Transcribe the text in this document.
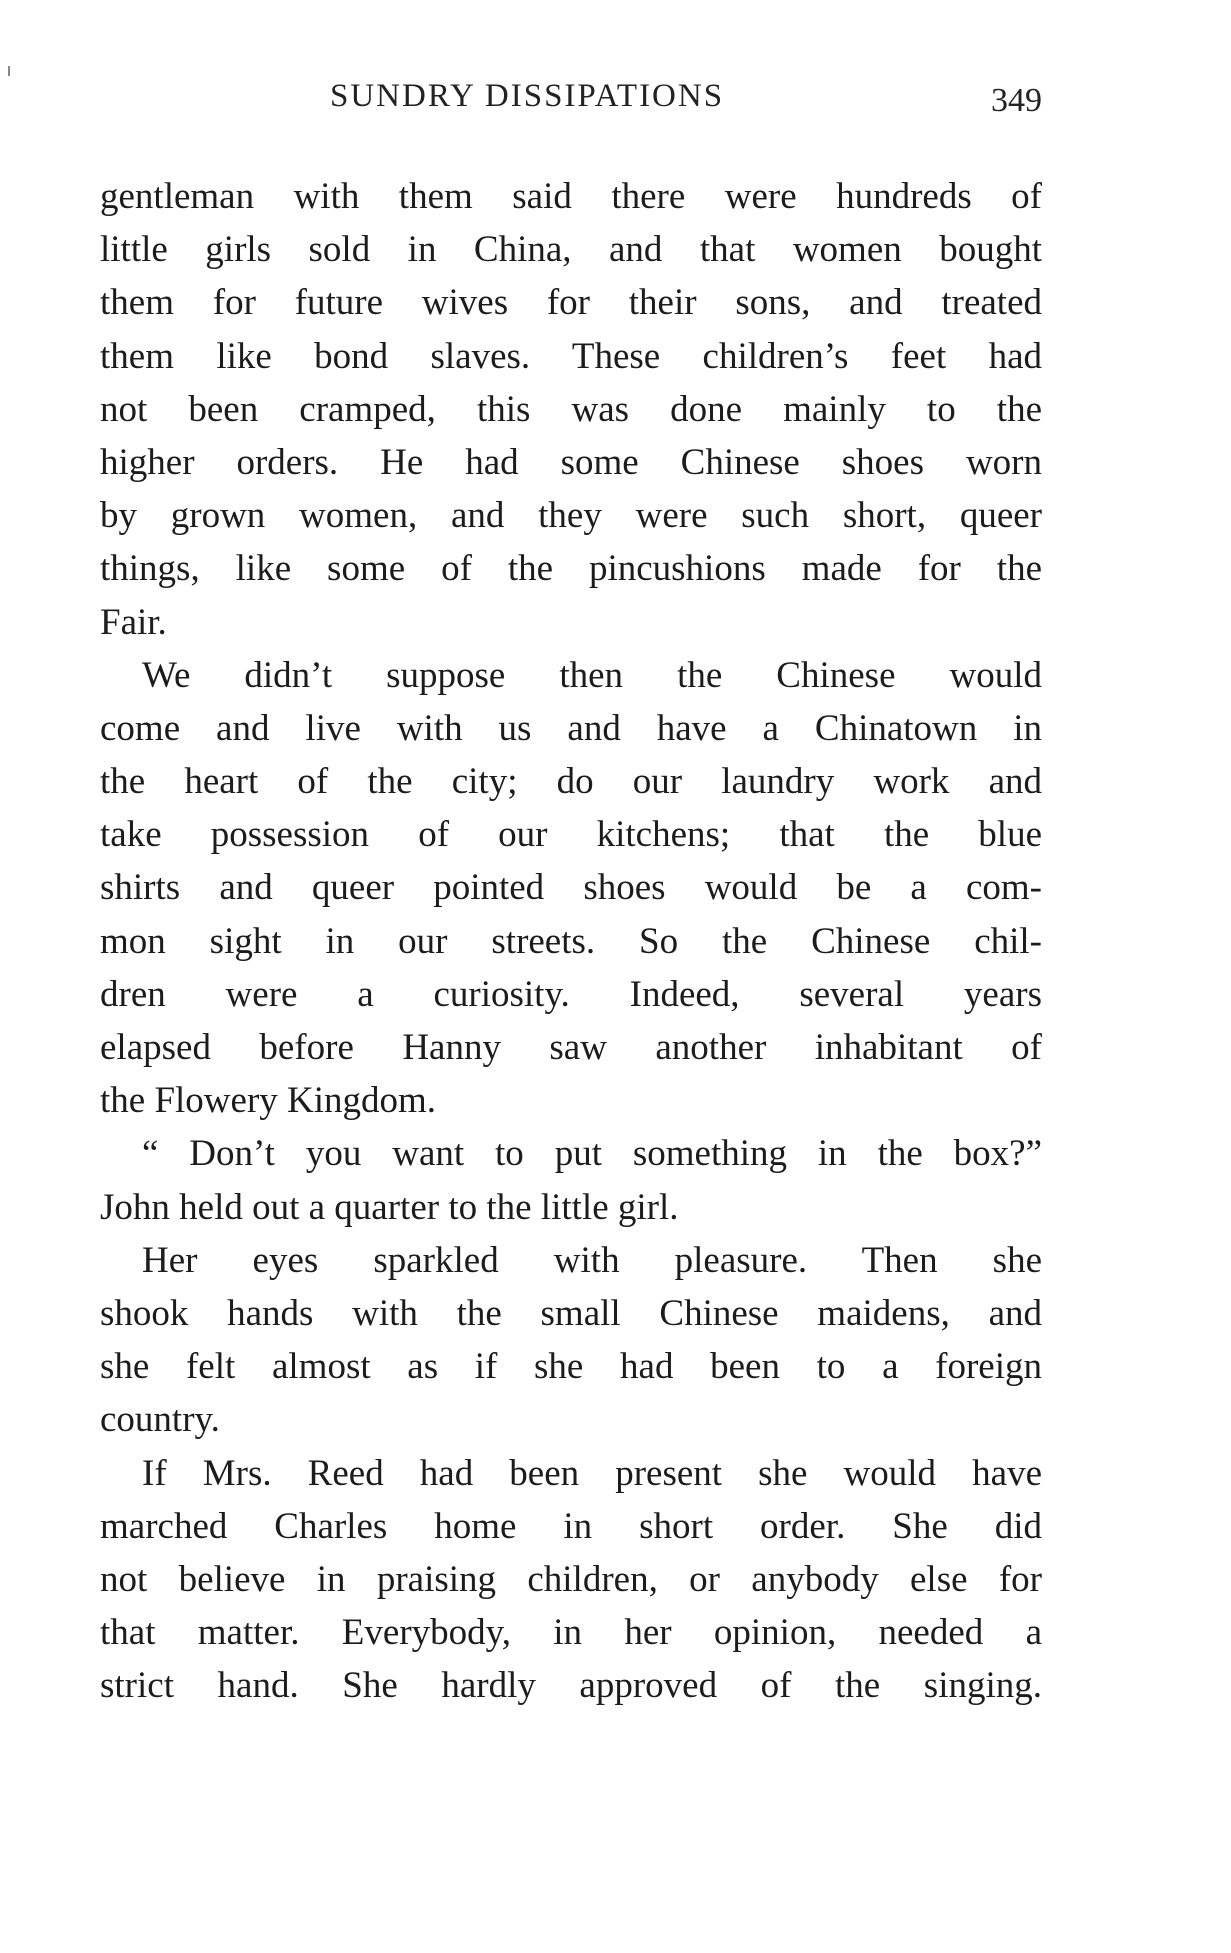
SUNDRY DISSIPATIONS	349
gentleman with them said there were hundreds of
little girls sold in China, and that women bought
them for future wives for their sons, and treated
them like bond slaves. These children’s feet had
not been cramped, this was done mainly to the
higher orders. He had some Chinese shoes worn
by grown women, and they were such short, queer
things, like some of the pincushions made for the
Fair.
We didn’t suppose then the Chinese would
come and live with us and have a Chinatown in
the heart of the city; do our laundry work and
take possession of our kitchens; that the blue
shirts and queer pointed shoes would be a com-
mon sight in our streets. So the Chinese chil-
dren were a curiosity. Indeed, several years
elapsed before Hanny saw another inhabitant of
the Flowery Kingdom.
“ Don’t you want to put something in the box?”
John held out a quarter to the little girl.
Her eyes sparkled with pleasure. Then she
shook hands with the small Chinese maidens, and
she felt almost as if she had been to a foreign
country.
If Mrs. Reed had been present she would have
marched Charles home in short order. She did
not believe in praising children, or anybody else for
that matter. Everybody, in her opinion, needed a
strict hand. She hardly approved of the singing.
